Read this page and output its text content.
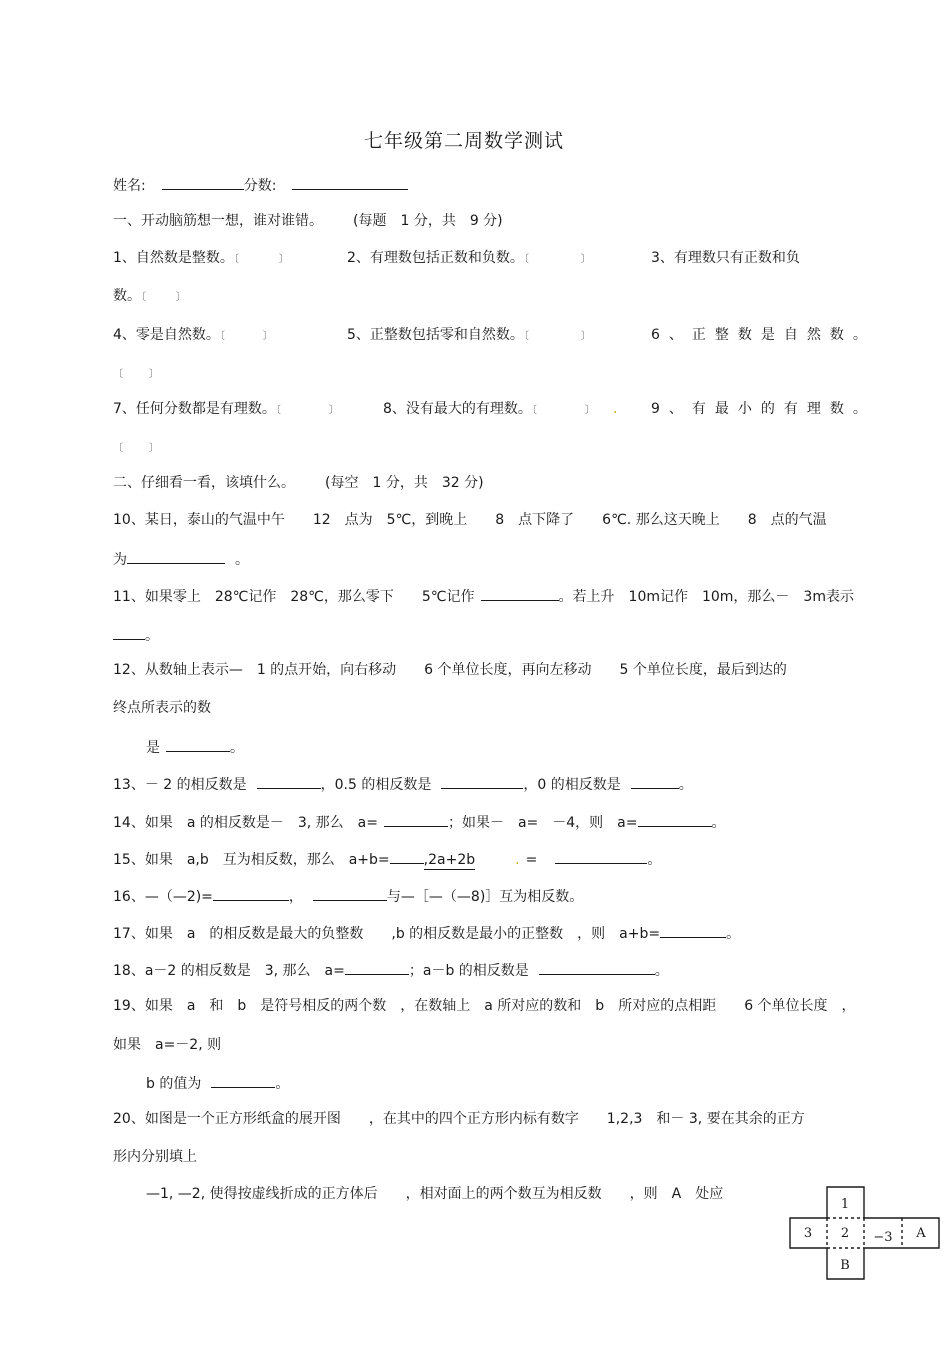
七年级第二周数学测试
姓名:	分数:
一、开动脑筋想一想，谁对谁错。 (每题　1 分，共　9 分)
1、自然数是整数。〔	〕	2、有理数包括正数和负数。〔	〕	3、有理数只有正数和负
数。〔	〕
4、零是自然数。〔	〕	5、正整数包括零和自然数。〔	〕	6、正整数是自然数。
〔	〕
7、任何分数都是有理数。〔	〕	8、没有最大的有理数。〔	〕 . 9、有最小的有理数。
〔	〕
二、仔细看一看，该填什么。 (每空　1 分，共　32 分)
10、某日，泰山的气温中午　　12　点为　5℃，到晚上　　8　点下降了　　6℃. 那么这天晚上　　8　点的气温
为	。
11、如果零上　28℃记作　28℃，那么零下　　5℃记作	。若上升　10m记作　10m，那么－　3m表示
。
12、从数轴上表示—　1 的点开始，向右移动　　6 个单位长度，再向左移动　　5 个单位长度，最后到达的
终点所表示的数
是	。
13、－ 2 的相反数是	，0.5 的相反数是	，0 的相反数是	。
14、如果　a 的相反数是－　3, 那么　a=	；如果－　a=　－4，则　a=	。
15、如果　a,b　互为相反数，那么　a+b= ,2a+2b	. =	。
16、—（—2)=	，	与—［—（—8)］互为相反数。
17、如果　a　的相反数是最大的负整数　　,b 的相反数是最小的正整数　，则　a+b=	。
18、a－2 的相反数是　3, 那么　a=	；a－b 的相反数是	。
19、如果　a　和　b　是符号相反的两个数　，在数轴上　a 所对应的数和　b　所对应的点相距　　6 个单位长度　，
如果　a=－2, 则
b 的值为	。
20、如图是一个正方形纸盒的展开图　　，在其中的四个正方形内标有数字　　1,2,3　和－ 3, 要在其余的正方
形内分别填上
—1, —2, 使得按虚线折成的正方体后　　，相对面上的两个数互为相反数　　，则　A　处应
1
3 2 −3 A
B
